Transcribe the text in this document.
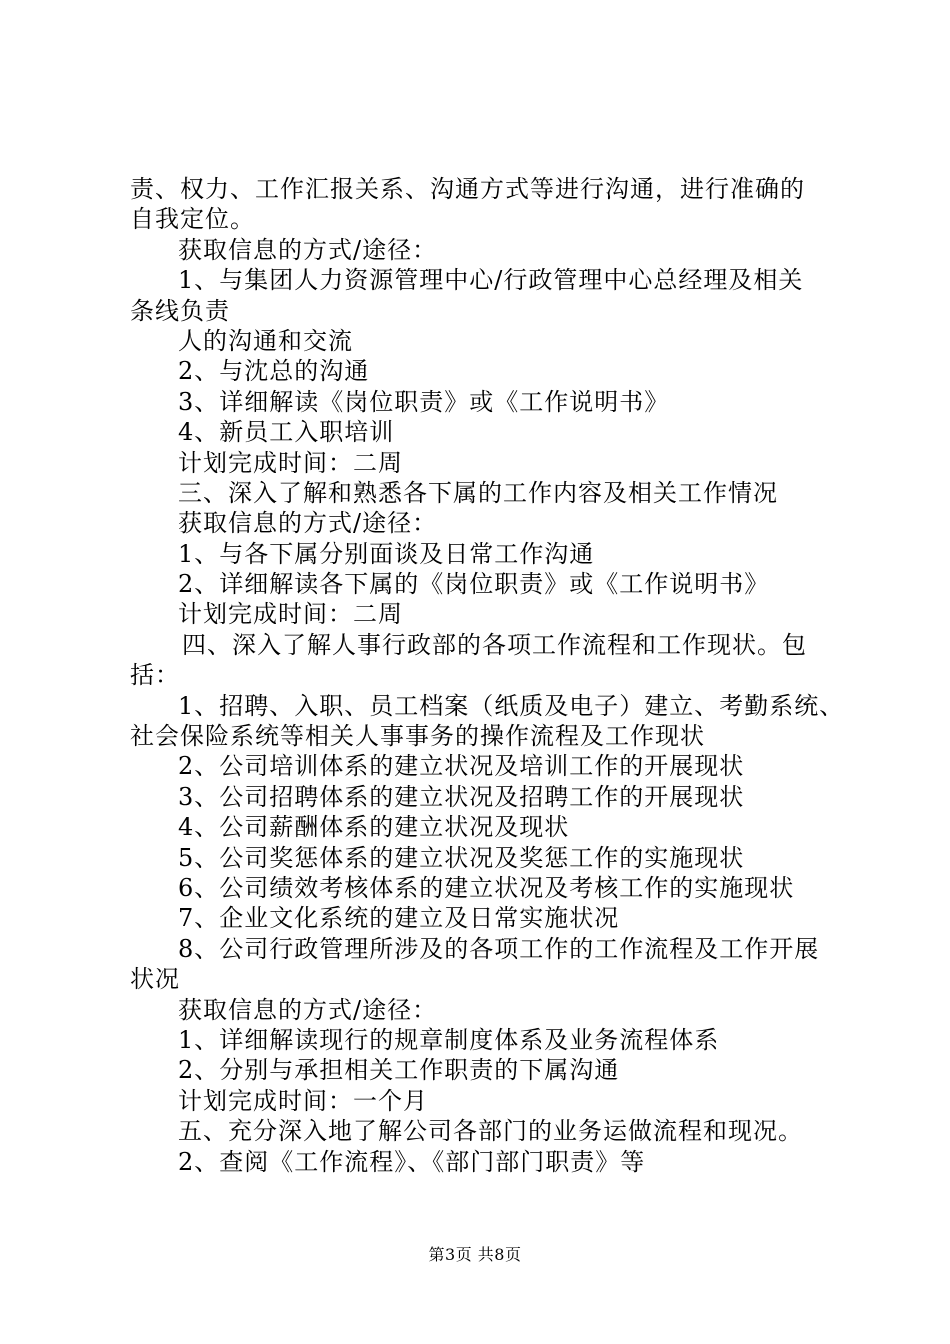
责、权力、工作汇报关系、沟通方式等进行沟通，进行准确的
自我定位。
获取信息的方式/途径：
1、与集团人力资源管理中心/行政管理中心总经理及相关
条线负责
人的沟通和交流
2、与沈总的沟通
3、详细解读《岗位职责》或《工作说明书》
4、新员工入职培训
计划完成时间：二周
三、深入了解和熟悉各下属的工作内容及相关工作情况
获取信息的方式/途径：
1、与各下属分别面谈及日常工作沟通
2、详细解读各下属的《岗位职责》或《工作说明书》
计划完成时间：二周
四、深入了解人事行政部的各项工作流程和工作现状。包
括：
1、招聘、入职、员工档案（纸质及电子）建立、考勤系统、
社会保险系统等相关人事事务的操作流程及工作现状
2、公司培训体系的建立状况及培训工作的开展现状
3、公司招聘体系的建立状况及招聘工作的开展现状
4、公司薪酬体系的建立状况及现状
5、公司奖惩体系的建立状况及奖惩工作的实施现状
6、公司绩效考核体系的建立状况及考核工作的实施现状
7、企业文化系统的建立及日常实施状况
8、公司行政管理所涉及的各项工作的工作流程及工作开展
状况
获取信息的方式/途径：
1、详细解读现行的规章制度体系及业务流程体系
2、分别与承担相关工作职责的下属沟通
计划完成时间：一个月
五、充分深入地了解公司各部门的业务运做流程和现况。
2、查阅《工作流程》、《部门部门职责》等
第3页 共8页
